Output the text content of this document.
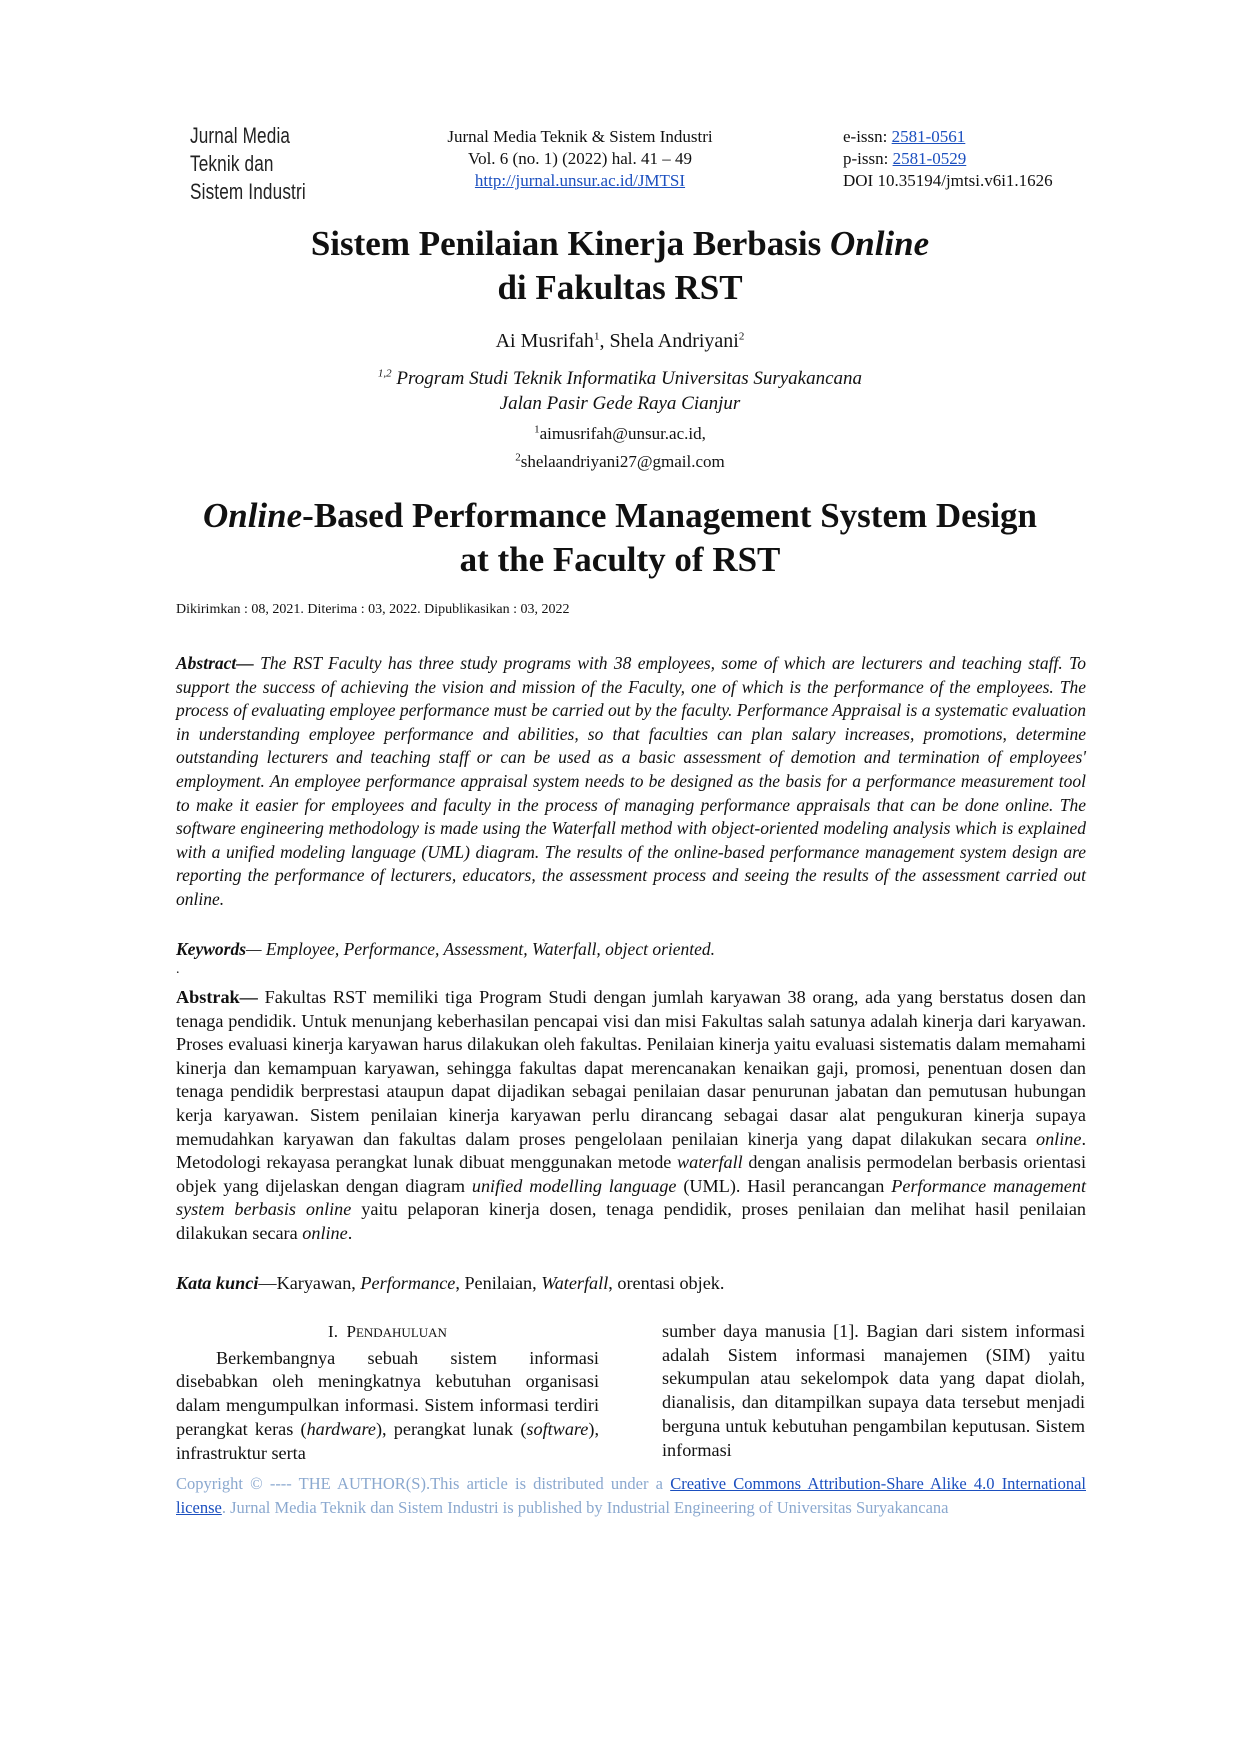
Jurnal Media
Teknik dan
Sistem Industri
Jurnal Media Teknik & Sistem Industri
Vol. 6 (no. 1) (2022) hal. 41 – 49
http://jurnal.unsur.ac.id/JMTSI
e-issn: 2581-0561
p-issn: 2581-0529
DOI 10.35194/jmtsi.v6i1.1626
Sistem Penilaian Kinerja Berbasis Online
di Fakultas RST
Ai Musrifah$^1$, Shela Andriyani$^2$
$^{1,2}$ Program Studi Teknik Informatika Universitas Suryakancana
Jalan Pasir Gede Raya Cianjur
$^1$aimusrifah@unsur.ac.id,
$^2$shelaandriyani27@gmail.com
Online-Based Performance Management System Design
at the Faculty of RST
Dikirimkan : 08, 2021. Diterima : 03, 2022. Dipublikasikan : 03, 2022
Abstract— The RST Faculty has three study programs with 38 employees, some of which are lecturers and teaching staff. To support the success of achieving the vision and mission of the Faculty, one of which is the performance of the employees. The process of evaluating employee performance must be carried out by the faculty. Performance Appraisal is a systematic evaluation in understanding employee performance and abilities, so that faculties can plan salary increases, promotions, determine outstanding lecturers and teaching staff or can be used as a basic assessment of demotion and termination of employees' employment. An employee performance appraisal system needs to be designed as the basis for a performance measurement tool to make it easier for employees and faculty in the process of managing performance appraisals that can be done online. The software engineering methodology is made using the Waterfall method with object-oriented modeling analysis which is explained with a unified modeling language (UML) diagram. The results of the online-based performance management system design are reporting the performance of lecturers, educators, the assessment process and seeing the results of the assessment carried out online.
Keywords— Employee, Performance, Assessment, Waterfall, object oriented.
.
Abstrak— Fakultas RST memiliki tiga Program Studi dengan jumlah karyawan 38 orang, ada yang berstatus dosen dan tenaga pendidik. Untuk menunjang keberhasilan pencapai visi dan misi Fakultas salah satunya adalah kinerja dari karyawan. Proses evaluasi kinerja karyawan harus dilakukan oleh fakultas. Penilaian kinerja yaitu evaluasi sistematis dalam memahami kinerja dan kemampuan karyawan, sehingga fakultas dapat merencanakan kenaikan gaji, promosi, penentuan dosen dan tenaga pendidik berprestasi ataupun dapat dijadikan sebagai penilaian dasar penurunan jabatan dan pemutusan hubungan kerja karyawan. Sistem penilaian kinerja karyawan perlu dirancang sebagai dasar alat pengukuran kinerja supaya memudahkan karyawan dan fakultas dalam proses pengelolaan penilaian kinerja yang dapat dilakukan secara online. Metodologi rekayasa perangkat lunak dibuat menggunakan metode waterfall dengan analisis permodelan berbasis orientasi objek yang dijelaskan dengan diagram unified modelling language (UML). Hasil perancangan Performance management system berbasis online yaitu pelaporan kinerja dosen, tenaga pendidik, proses penilaian dan melihat hasil penilaian dilakukan secara online.
Kata kunci—Karyawan, Performance, Penilaian, Waterfall, orentasi objek.
I. PENDAHULUAN
Berkembangnya sebuah sistem informasi disebabkan oleh meningkatnya kebutuhan organisasi dalam mengumpulkan informasi. Sistem informasi terdiri perangkat keras (hardware), perangkat lunak (software), infrastruktur serta
sumber daya manusia [1]. Bagian dari sistem informasi adalah Sistem informasi manajemen (SIM) yaitu sekumpulan atau sekelompok data yang dapat diolah, dianalisis, dan ditampilkan supaya data tersebut menjadi berguna untuk kebutuhan pengambilan keputusan. Sistem informasi
Copyright © ---- THE AUTHOR(S).This article is distributed under a Creative Commons Attribution-Share Alike 4.0 International license. Jurnal Media Teknik dan Sistem Industri is published by Industrial Engineering of Universitas Suryakancana
